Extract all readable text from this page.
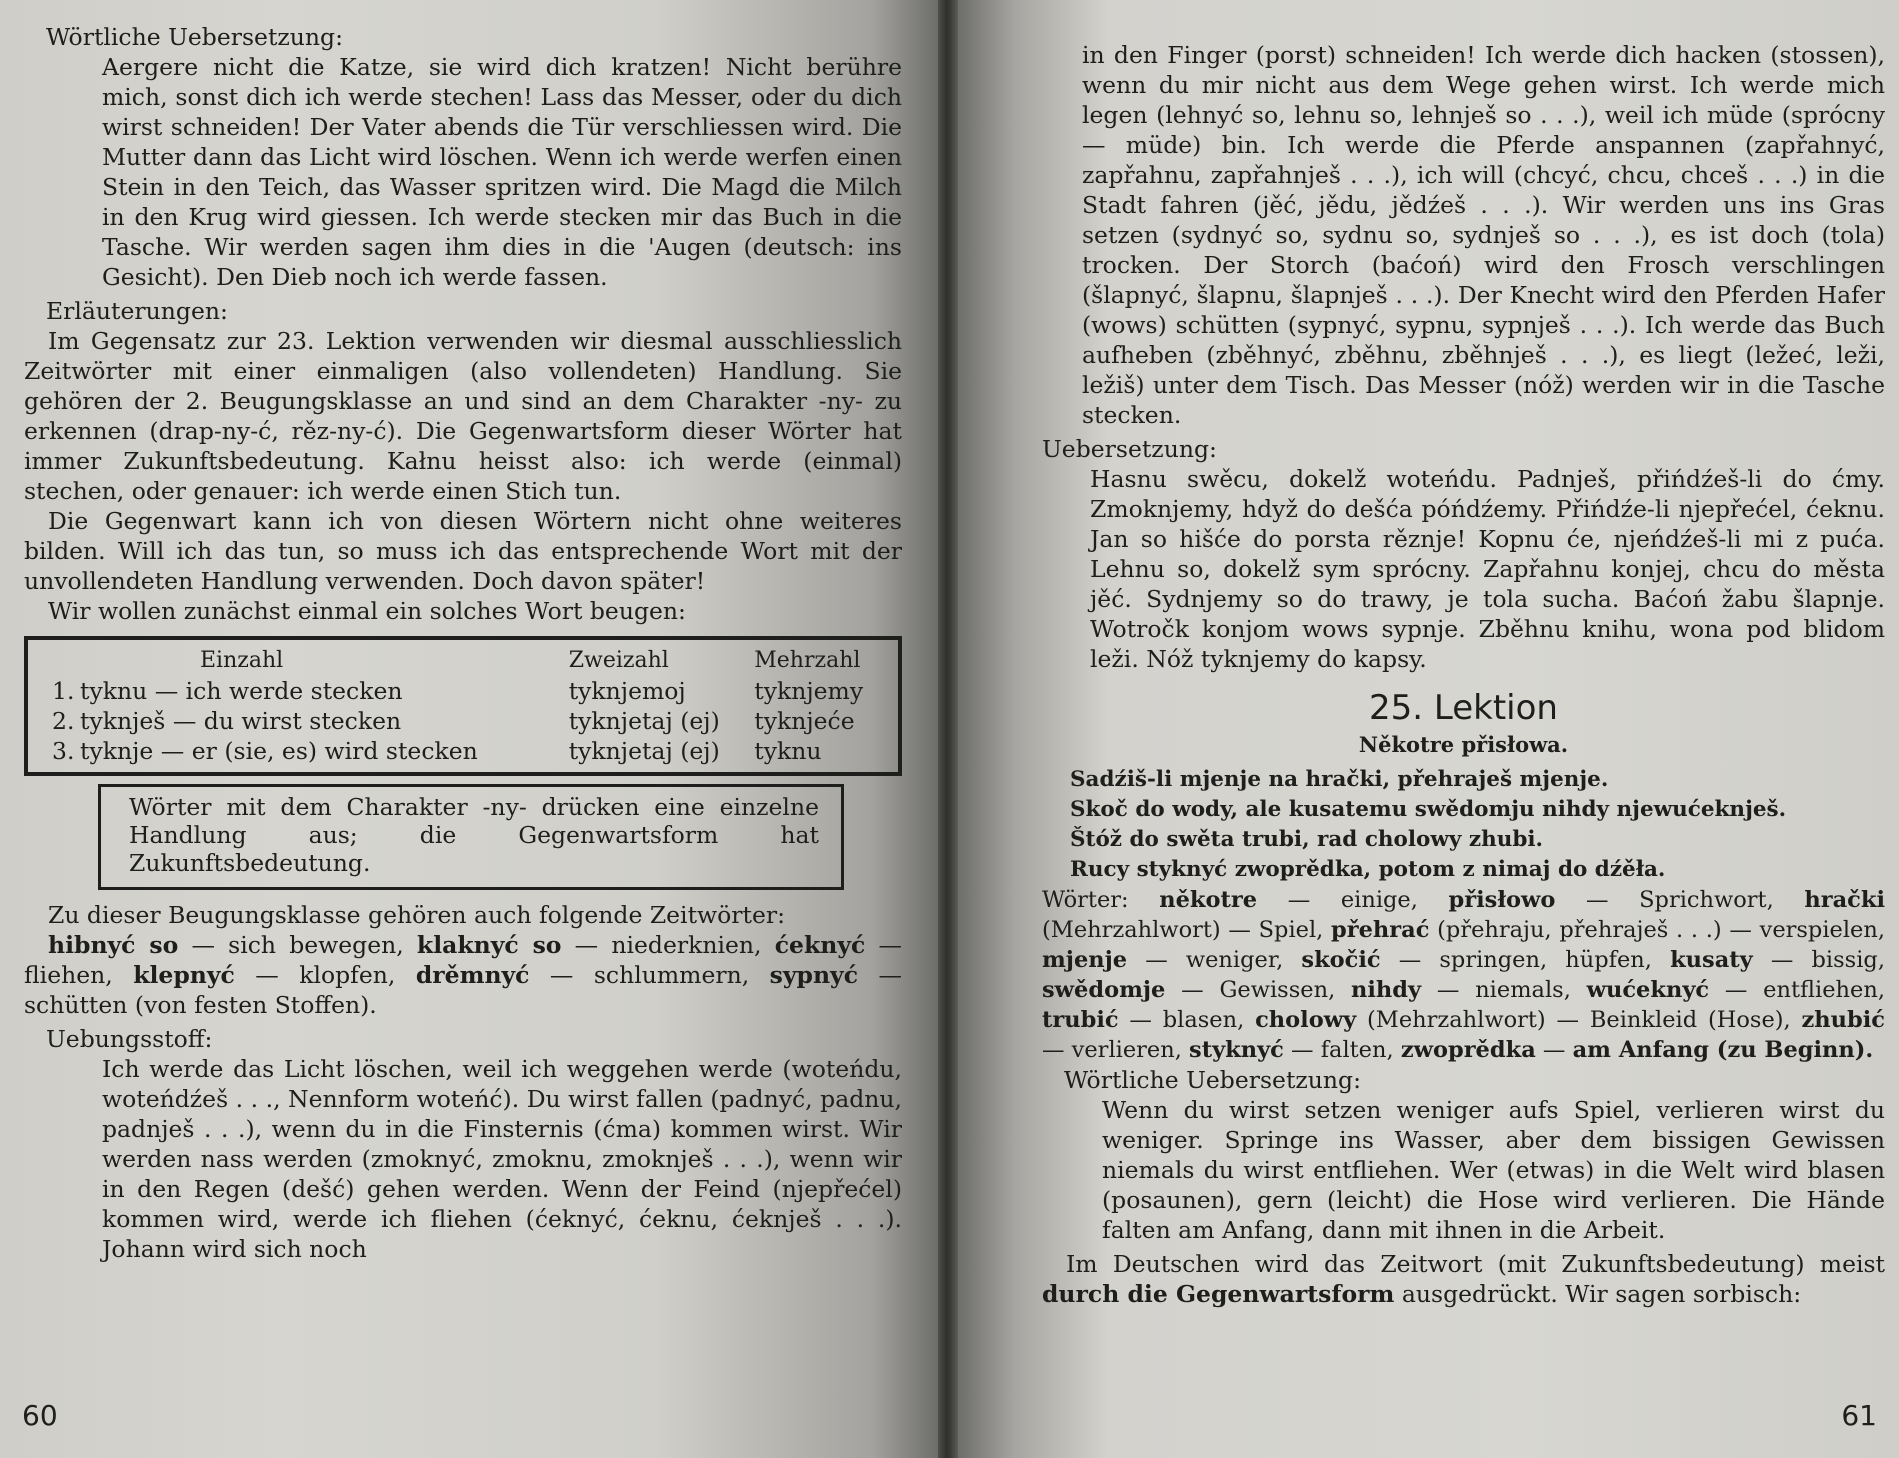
Wörtliche Uebersetzung:

Aergere nicht die Katze, sie wird dich kratzen! Nicht berühre mich, sonst dich ich werde stechen! Lass das Messer, oder du dich wirst schneiden! Der Vater abends die Tür verschliessen wird. Die Mutter dann das Licht wird löschen. Wenn ich werde werfen einen Stein in den Teich, das Wasser spritzen wird. Die Magd die Milch in den Krug wird giessen. Ich werde stecken mir das Buch in die Tasche. Wir werden sagen ihm dies in die 'Augen (deutsch: ins Gesicht). Den Dieb noch ich werde fassen.

Erläuterungen:

Im Gegensatz zur 23. Lektion verwenden wir diesmal ausschliesslich Zeitwörter mit einer einmaligen (also vollendeten) Handlung. Sie gehören der 2. Beugungsklasse an und sind an dem Charakter -ny- zu erkennen (drap-ny-ć, rěz-ny-ć). Die Gegenwartsform dieser Wörter hat immer Zukunftsbedeutung. Kałnu heisst also: ich werde (einmal) stechen, oder genauer: ich werde einen Stich tun.

Die Gegenwart kann ich von diesen Wörtern nicht ohne weiteres bilden. Will ich das tun, so muss ich das entsprechende Wort mit der unvollendeten Handlung verwenden. Doch davon später!

Wir wollen zunächst einmal ein solches Wort beugen:

	Einzahl	Zweizahl	Mehrzahl
1.	tyknu — ich werde stecken	tyknjemoj	tyknjemy
2.	tyknješ — du wirst stecken	tyknjetaj (ej)	tyknjeće
3.	tyknje — er (sie, es) wird stecken	tyknjetaj (ej)	tyknu

Wörter mit dem Charakter -ny- drücken eine einzelne Handlung aus; die Gegenwartsform hat Zukunftsbedeutung.

Zu dieser Beugungsklasse gehören auch folgende Zeitwörter:

hibnyć so — sich bewegen, klaknyć so — niederknien, ćeknyć — fliehen, klepnyć — klopfen, drěmnyć — schlummern, sypnyć — schütten (von festen Stoffen).

Uebungsstoff:

Ich werde das Licht löschen, weil ich weggehen werde (woteńdu, woteńdźeš . . ., Nennform woteńć). Du wirst fallen (padnyć, padnu, padnješ . . .), wenn du in die Finsternis (ćma) kommen wirst. Wir werden nass werden (zmoknyć, zmoknu, zmoknješ . . .), wenn wir in den Regen (dešć) gehen werden. Wenn der Feind (njepřećel) kommen wird, werde ich fliehen (ćeknyć, ćeknu, ćeknješ . . .). Johann wird sich noch

60

in den Finger (porst) schneiden! Ich werde dich hacken (stossen), wenn du mir nicht aus dem Wege gehen wirst. Ich werde mich legen (lehnyć so, lehnu so, lehnješ so . . .), weil ich müde (sprócny — müde) bin. Ich werde die Pferde anspannen (zapřahnyć, zapřahnu, zapřahnješ . . .), ich will (chcyć, chcu, chceš . . .) in die Stadt fahren (jěć, jědu, jědźeš . . .). Wir werden uns ins Gras setzen (sydnyć so, sydnu so, sydnješ so . . .), es ist doch (tola) trocken. Der Storch (baćoń) wird den Frosch verschlingen (šlapnyć, šlapnu, šlapnješ . . .). Der Knecht wird den Pferden Hafer (wows) schütten (sypnyć, sypnu, sypnješ . . .). Ich werde das Buch aufheben (zběhnyć, zběhnu, zběhnješ . . .), es liegt (ležeć, leži, ležiš) unter dem Tisch. Das Messer (nóž) werden wir in die Tasche stecken.

Uebersetzung:

Hasnu swěcu, dokelž woteńdu. Padnješ, přińdźeš-li do ćmy. Zmoknjemy, hdyž do dešća póńdźemy. Přińdźe-li njepřećel, ćeknu. Jan so hišće do porsta rěznje! Kopnu će, njeńdźeš-li mi z puća. Lehnu so, dokelž sym sprócny. Zapřahnu konjej, chcu do města jěć. Sydnjemy so do trawy, je tola sucha. Baćoń žabu šlapnje. Wotročk konjom wows sypnje. Zběhnu knihu, wona pod blidom leži. Nóž tyknjemy do kapsy.

25. Lektion
Někotre přisłowa.

Sadźiš-li mjenje na hrački, přehraješ mjenje.

Skoč do wody, ale kusatemu swědomju nihdy njewućeknješ.

Štóž do swěta trubi, rad cholowy zhubi.

Rucy styknyć zwoprědka, potom z nimaj do dźěła.

Wörter: někotre — einige, přisłowo — Sprichwort, hrački (Mehrzahlwort) — Spiel, přehrać (přehraju, přehraješ . . .) — verspielen, mjenje — weniger, skočić — springen, hüpfen, kusaty — bissig, swědomje — Gewissen, nihdy — niemals, wućeknyć — entfliehen, trubić — blasen, cholowy (Mehrzahlwort) — Beinkleid (Hose), zhubić — verlieren, styknyć — falten, zwoprědka — am Anfang (zu Beginn).

Wörtliche Uebersetzung:

Wenn du wirst setzen weniger aufs Spiel, verlieren wirst du weniger. Springe ins Wasser, aber dem bissigen Gewissen niemals du wirst entfliehen. Wer (etwas) in die Welt wird blasen (posaunen), gern (leicht) die Hose wird verlieren. Die Hände falten am Anfang, dann mit ihnen in die Arbeit.

Im Deutschen wird das Zeitwort (mit Zukunftsbedeutung) meist durch die Gegenwartsform ausgedrückt. Wir sagen sorbisch:

61
